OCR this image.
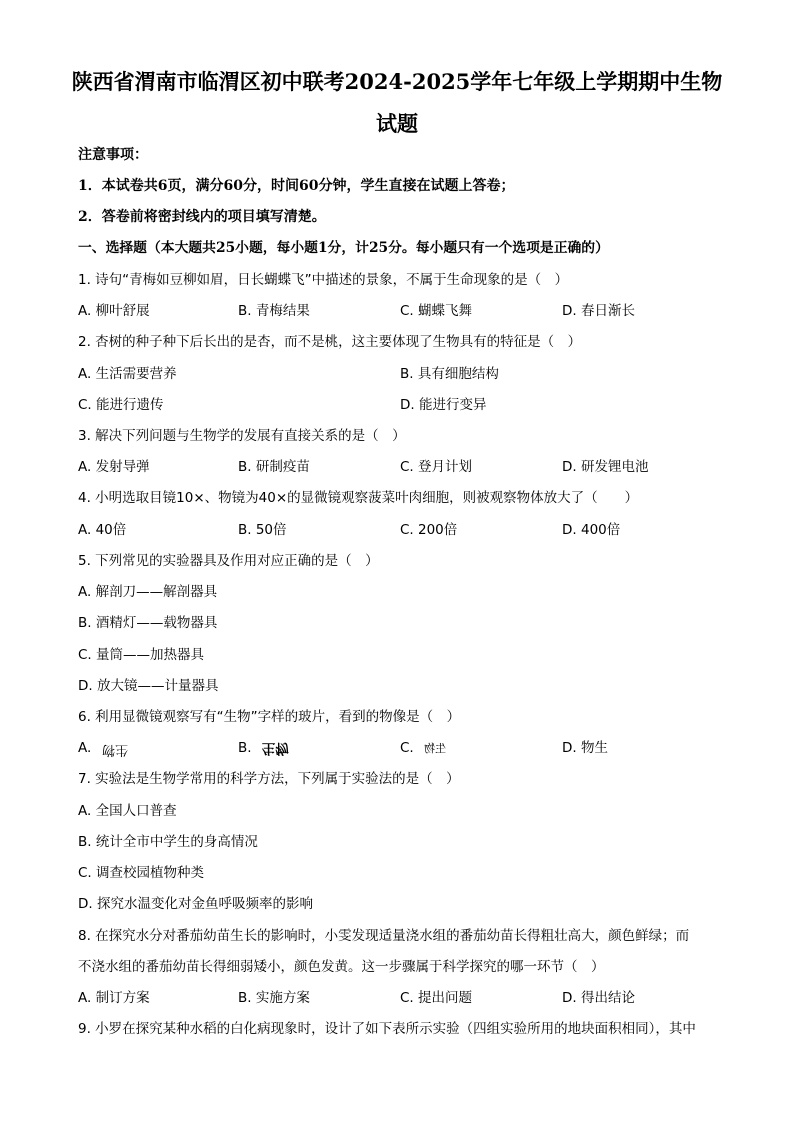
陕西省渭南市临渭区初中联考2024-2025学年七年级上学期期中生物
试题
注意事项：
1．本试卷共6页，满分60分，时间60分钟，学生直接在试题上答卷；
2．答卷前将密封线内的项目填写清楚。
一、选择题（本大题共25小题，每小题1分，计25分。每小题只有一个选项是正确的）
1. 诗句“青梅如豆柳如眉，日长蝴蝶飞”中描述的景象，不属于生命现象的是（　）
A. 柳叶舒展	B. 青梅结果	C. 蝴蝶飞舞	D. 春日渐长
2. 杏树的种子种下后长出的是杏，而不是桃，这主要体现了生物具有的特征是（　）
A. 生活需要营养	B. 具有细胞结构
C. 能进行遗传	D. 能进行变异
3. 解决下列问题与生物学的发展有直接关系的是（　）
A. 发射导弹	B. 研制疫苗	C. 登月计划	D. 研发锂电池
4. 小明选取目镜10×、物镜为40×的显微镜观察菠菜叶肉细胞，则被观察物体放大了（　　）
A. 40倍	B. 50倍	C. 200倍	D. 400倍
5. 下列常见的实验器具及作用对应正确的是（　）
A. 解剖刀——解剖器具
B. 酒精灯——载物器具
C. 量筒——加热器具
D. 放大镜——计量器具
6. 利用显微镜观察写有“生物”字样的玻片，看到的物像是（　）
A. 生物	B. 生物	C. 生物	D. 物生
7. 实验法是生物学常用的科学方法，下列属于实验法的是（　）
A. 全国人口普查
B. 统计全市中学生的身高情况
C. 调查校园植物种类
D. 探究水温变化对金鱼呼吸频率的影响
8. 在探究水分对番茄幼苗生长的影响时，小雯发现适量浇水组的番茄幼苗长得粗壮高大，颜色鲜绿；而
不浇水组的番茄幼苗长得细弱矮小，颜色发黄。这一步骤属于科学探究的哪一环节（　）
A. 制订方案	B. 实施方案	C. 提出问题	D. 得出结论
9. 小罗在探究某种水稻的白化病现象时，设计了如下表所示实验（四组实验所用的地块面积相同），其中
